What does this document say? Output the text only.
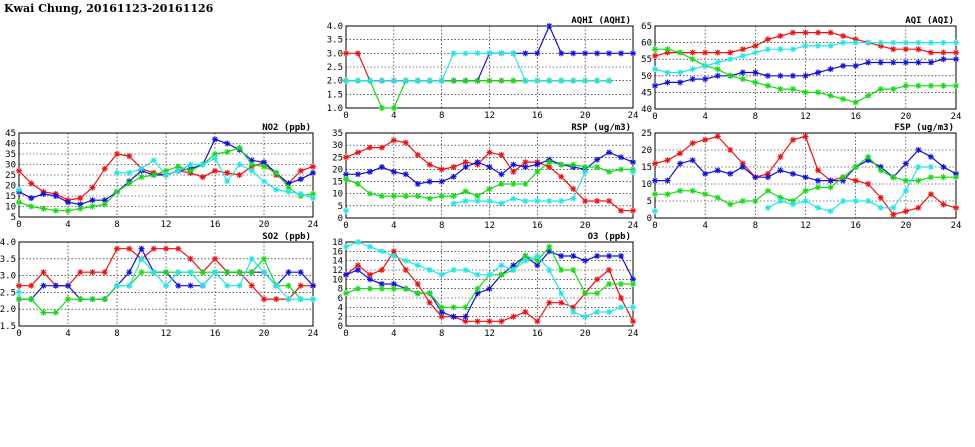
Kwai Chung, 20161123-20161126
0	4	8	12	16	20	24
1.0
1.5
2.0
2.5
3.0
3.5
4.0
AQHI (AQHI)
0	4	8	12	16	20	24
40
45
50
55
60
65
AQI (AQI)
0	4	8	12	16	20	24
5
10
15
20
25
30
35
40
45
NO2 (ppb)
0	4	8	12	16	20	24
0
5
10
15
20
25
30
35
RSP (ug/m3)
0	4	8	12	16	20	24
0
5
10
15
20
25
FSP (ug/m3)
0	4	8	12	16	20	24
1.5
2.0
2.5
3.0
3.5
4.0
SO2 (ppb)
0	4	8	12	16	20	24
0
2
4
6
8
10
12
14
16
18
O3 (ppb)
